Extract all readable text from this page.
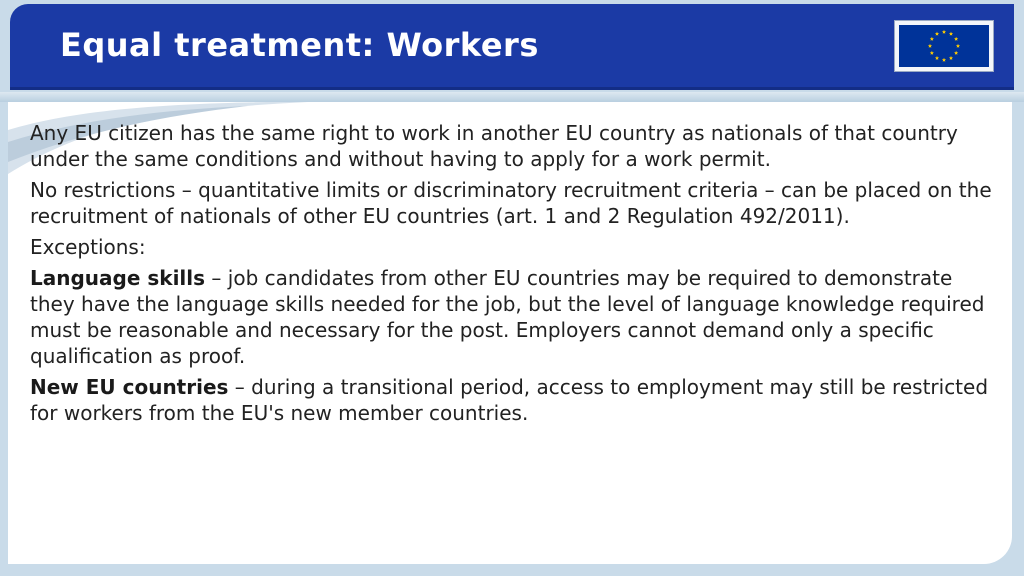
Equal treatment: Workers

Any EU citizen has the same right to work in another EU country as nationals of that country under the same conditions and without having to apply for a work permit.

No restrictions – quantitative limits or discriminatory recruitment criteria – can be placed on the recruitment of nationals of other EU countries (art. 1 and 2 Regulation 492/2011).

Exceptions:

Language skills – job candidates from other EU countries may be required to demonstrate they have the language skills needed for the job, but the level of language knowledge required must be reasonable and necessary for the post. Employers cannot demand only a specific qualification as proof.

New EU countries – during a transitional period, access to employment may still be restricted for workers from the EU's new member countries.
